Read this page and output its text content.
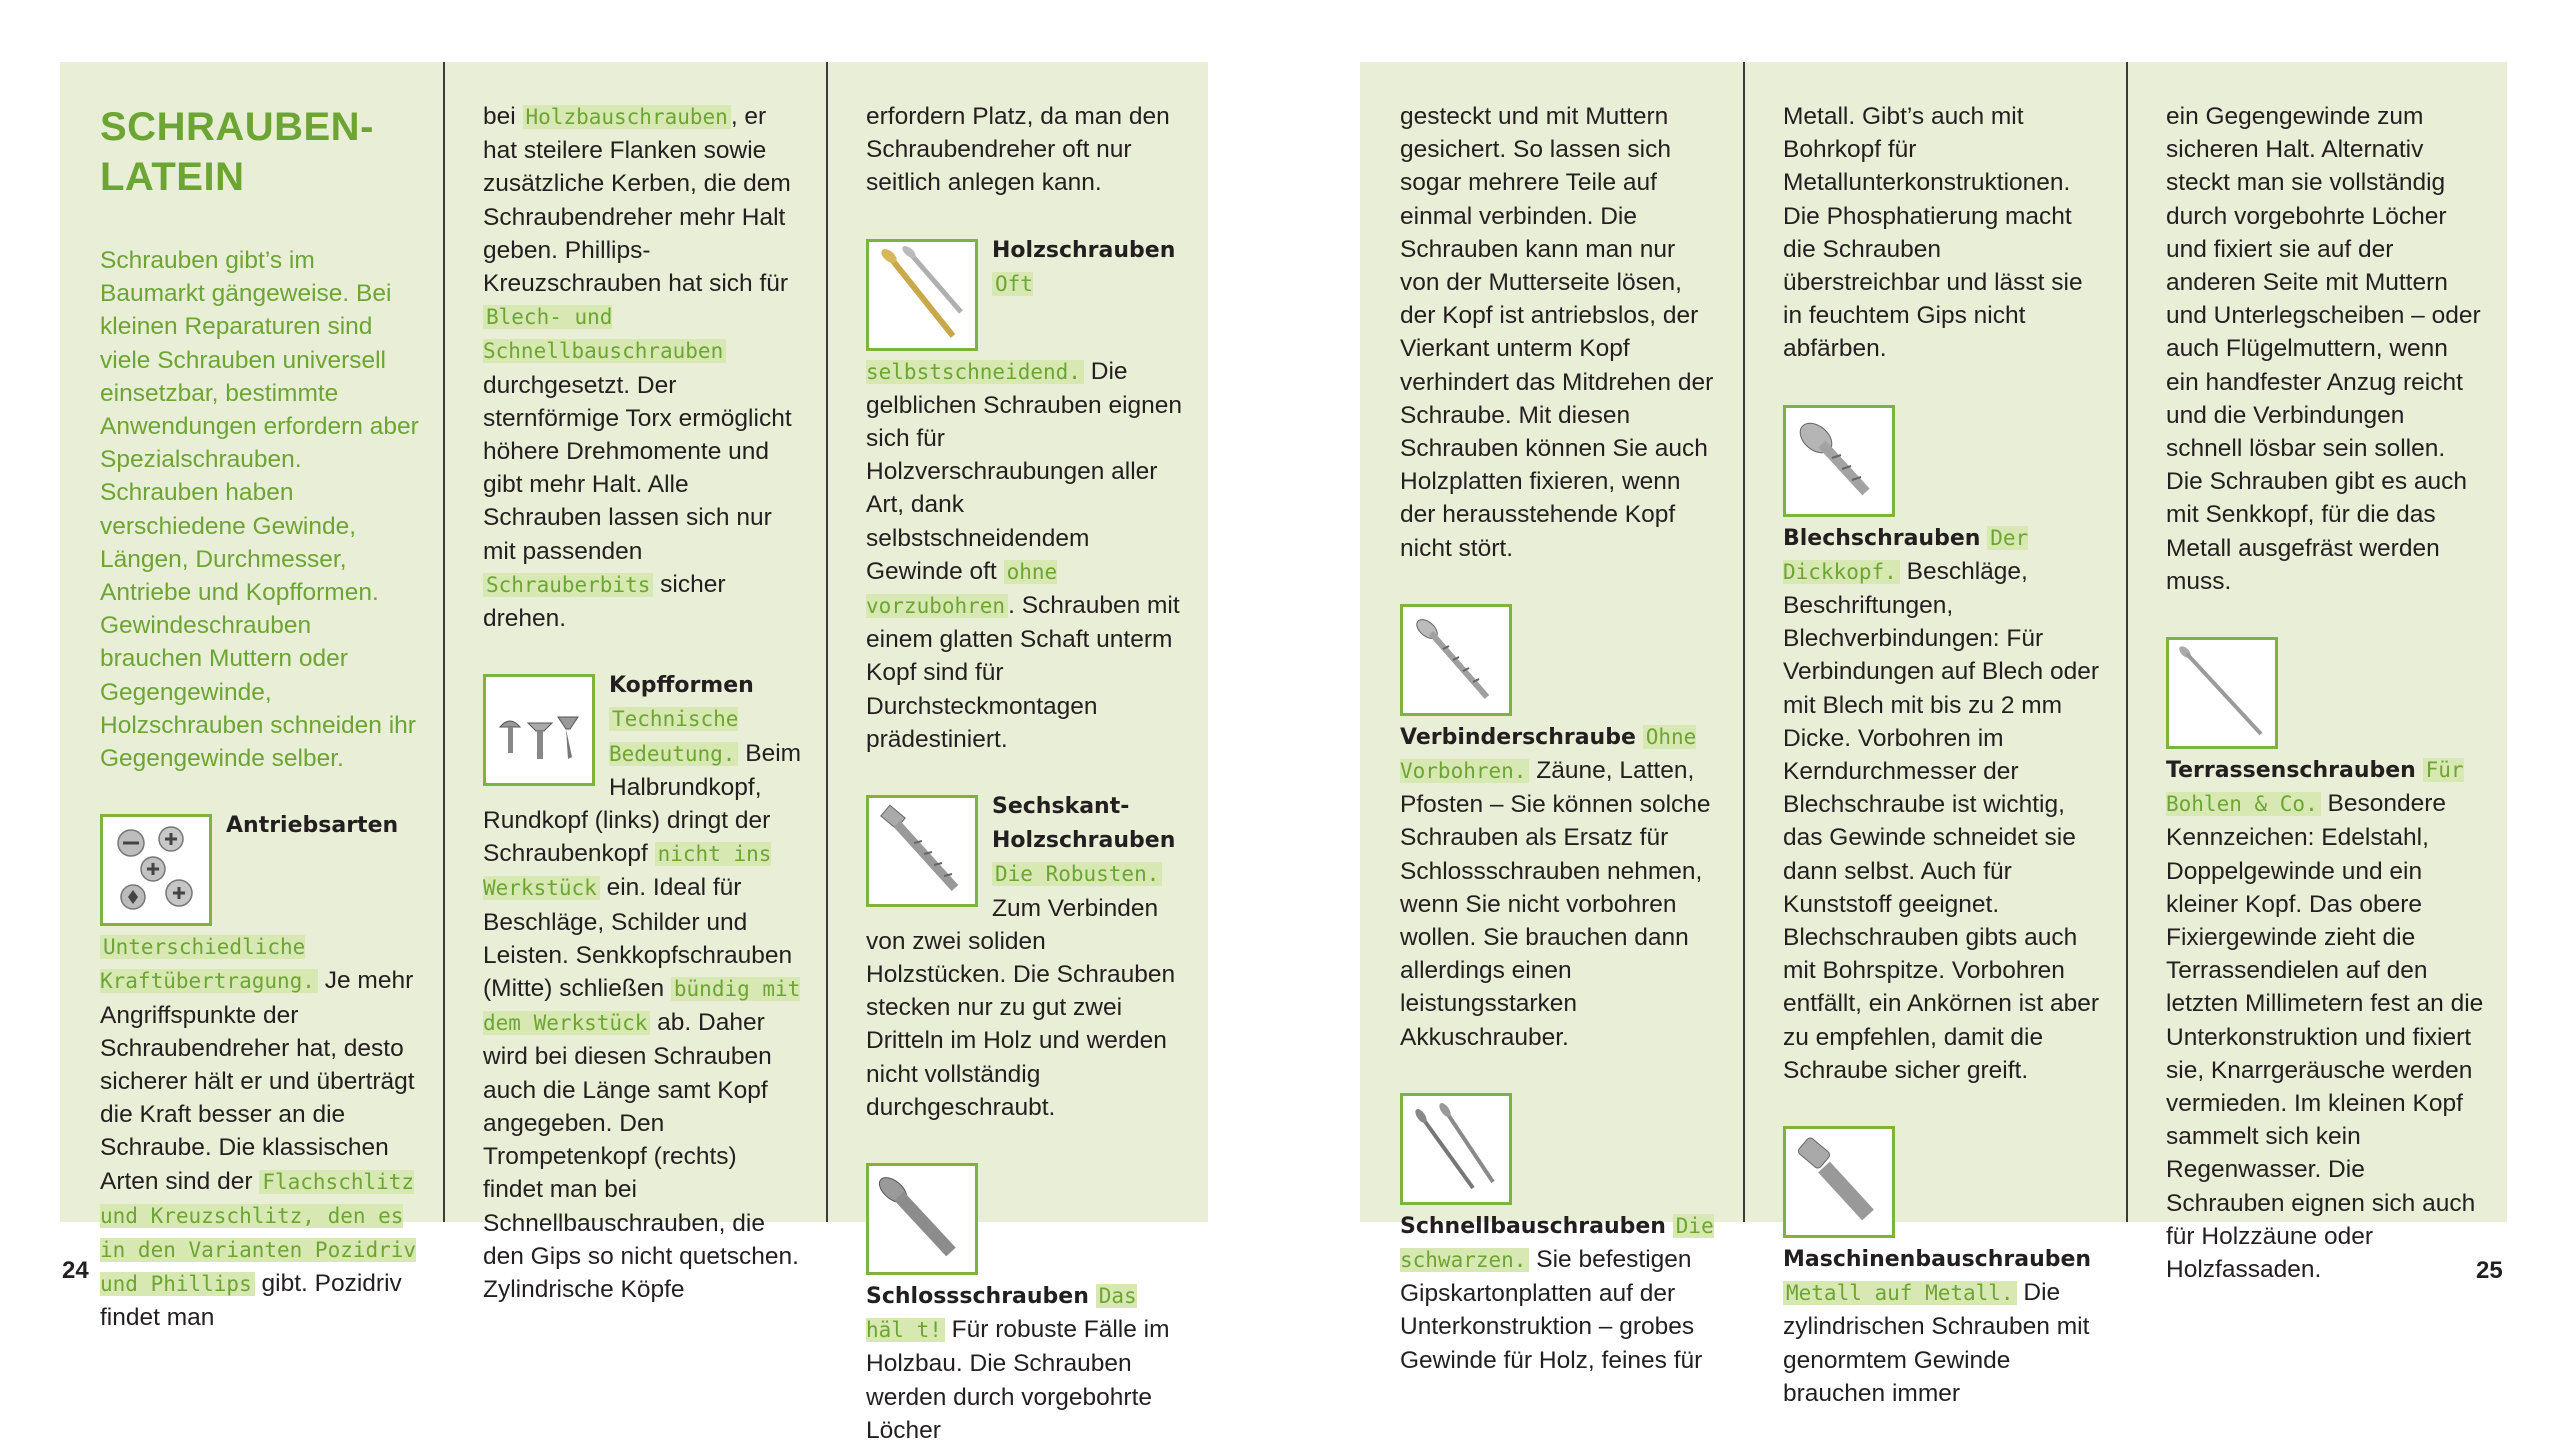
SCHRAUBEN-
LATEIN

Schrauben gibt’s im Baumarkt gängeweise. Bei kleinen Reparaturen sind viele Schrauben universell einsetzbar, bestimmte Anwendungen erfordern aber Spezialschrauben. Schrauben haben verschiedene Gewinde, Längen, Durchmesser, Antriebe und Kopfformen. Gewindeschrauben brauchen Muttern oder Gegengewinde, Holzschrauben schneiden ihr Gegengewinde selber.

Antriebsarten
Unterschiedliche Kraftübertragung. Je mehr Angriffspunkte der Schraubendreher hat, desto sicherer hält er und überträgt die Kraft besser an die Schraube. Die klassischen Arten sind der Flachschlitz und Kreuzschlitz, den es in den Varianten Pozidriv und Phillips gibt. Pozidriv findet man

bei Holzbauschrauben , er hat steilere Flanken sowie zusätzliche Kerben, die dem Schraubendreher mehr Halt geben. Phillips-Kreuzschrauben hat sich für Blech- und Schnellbauschrauben durchgesetzt. Der sternförmige Torx ermöglicht höhere Drehmomente und gibt mehr Halt. Alle Schrauben lassen sich nur mit passenden Schrauberbits sicher drehen.

Kopfformen
Technische Bedeutung. Beim Halbrundkopf, Rundkopf (links) dringt der Schraubenkopf nicht ins Werkstück ein. Ideal für Beschläge, Schilder und Leisten. Senkkopfschrauben (Mitte) schließen bündig mit dem Werkstück ab. Daher wird bei diesen Schrauben auch die Länge samt Kopf angegeben. Den Trompetenkopf (rechts) findet man bei Schnellbauschrauben, die den Gips so nicht quetschen. Zylindrische Köpfe

erfordern Platz, da man den Schraubendreher oft nur seitlich anlegen kann.

Holzschrauben Oft selbstschneidend. Die gelblichen Schrauben eignen sich für Holzverschraubungen aller Art, dank selbstschneidendem Gewinde oft ohne vorzubohren . Schrauben mit einem glatten Schaft unterm Kopf sind für Durchsteckmontagen prädestiniert.
Sechskant-Holzschrauben Die Robusten. Zum Verbinden von zwei soliden Holzstücken. Die Schrauben stecken nur zu gut zwei Dritteln im Holz und werden nicht vollständig durchgeschraubt.
Schlossschrauben Das häl t! Für robuste Fälle im Holzbau. Die Schrauben werden durch vorgebohrte Löcher

gesteckt und mit Muttern gesichert. So lassen sich sogar mehrere Teile auf einmal verbinden. Die Schrauben kann man nur von der Mutterseite lösen, der Kopf ist antriebslos, der Vierkant unterm Kopf verhindert das Mitdrehen der Schraube. Mit diesen Schrauben können Sie auch Holzplatten fixieren, wenn der herausstehende Kopf nicht stört.

Verbinderschraube Ohne Vorbohren. Zäune, Latten, Pfosten – Sie können solche Schrauben als Ersatz für Schlossschrauben nehmen, wenn Sie nicht vorbohren wollen. Sie brauchen dann allerdings einen leistungsstarken Akkuschrauber.
Schnellbauschrauben Die schwarzen. Sie befestigen Gipskartonplatten auf der Unterkonstruktion – grobes Gewinde für Holz, feines für

Metall. Gibt’s auch mit Bohrkopf für Metallunterkonstruktionen. Die Phosphatierung macht die Schrauben überstreichbar und lässt sie in feuchtem Gips nicht abfärben.

Blechschrauben Der Dickkopf. Beschläge, Beschriftungen, Blechverbindungen: Für Verbindungen auf Blech oder mit Blech mit bis zu 2 mm Dicke. Vorbohren im Kerndurchmesser der Blechschraube ist wichtig, das Gewinde schneidet sie dann selbst. Auch für Kunststoff geeignet. Blechschrauben gibts auch mit Bohrspitze. Vorbohren entfällt, ein Ankörnen ist aber zu empfehlen, damit die Schraube sicher greift.
Maschinenbauschrauben Metall auf Metall. Die zylindrischen Schrauben mit genormtem Gewinde brauchen immer

ein Gegengewinde zum sicheren Halt. Alternativ steckt man sie vollständig durch vorgebohrte Löcher und fixiert sie auf der anderen Seite mit Muttern und Unterlegscheiben – oder auch Flügelmuttern, wenn ein handfester Anzug reicht und die Verbindungen schnell lösbar sein sollen. Die Schrauben gibt es auch mit Senkkopf, für die das Metall ausgefräst werden muss.

Terrassenschrauben Für Bohlen & Co. Besondere Kennzeichen: Edelstahl, Doppelgewinde und ein kleiner Kopf. Das obere Fixiergewinde zieht die Terrassendielen auf den letzten Millimetern fest an die Unterkonstruktion und fixiert sie, Knarrgeräusche werden vermieden. Im kleinen Kopf sammelt sich kein Regenwasser. Die Schrauben eignen sich auch für Holzzäune oder Holzfassaden.
24	25
